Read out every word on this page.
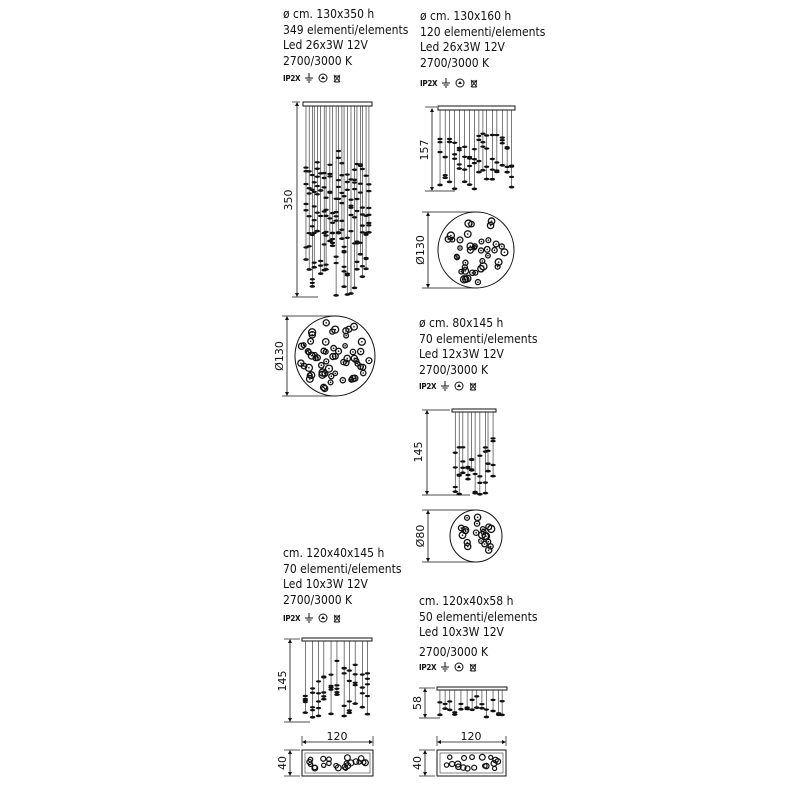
ø cm. 130x350 h
349 elementi/elements
Led 26x3W 12V
2700/3000 K
IP2X
ø cm. 130x160 h
120 elementi/elements
Led 26x3W 12V
2700/3000 K
IP2X
ø cm. 80x145 h
70 elementi/elements
Led 12x3W 12V
2700/3000 K
IP2X
cm. 120x40x145 h
70 elementi/elements
Led 10x3W 12V
2700/3000 K
IP2X
cm. 120x40x58 h
50 elementi/elements
Led 10x3W 12V
2700/3000 K
IP2X
350
Ø130
157
Ø130
145
Ø80
145
120
40
58
120
40
